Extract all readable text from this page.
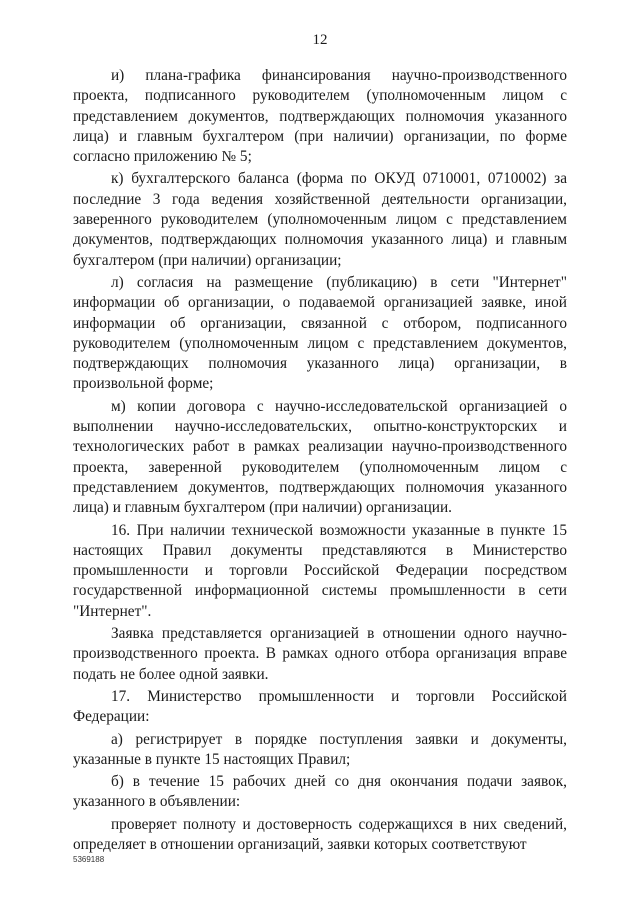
12

и) плана-графика финансирования научно-производственного проекта, подписанного руководителем (уполномоченным лицом с представлением документов, подтверждающих полномочия указанного лица) и главным бухгалтером (при наличии) организации, по форме согласно приложению № 5;

к) бухгалтерского баланса (форма по ОКУД 0710001, 0710002) за последние 3 года ведения хозяйственной деятельности организации, заверенного руководителем (уполномоченным лицом с представлением документов, подтверждающих полномочия указанного лица) и главным бухгалтером (при наличии) организации;

л) согласия на размещение (публикацию) в сети "Интернет" информации об организации, о подаваемой организацией заявке, иной информации об организации, связанной с отбором, подписанного руководителем (уполномоченным лицом с представлением документов, подтверждающих полномочия указанного лица) организации, в произвольной форме;

м) копии договора с научно-исследовательской организацией о выполнении научно-исследовательских, опытно-конструкторских и технологических работ в рамках реализации научно-производственного проекта, заверенной руководителем (уполномоченным лицом с представлением документов, подтверждающих полномочия указанного лица) и главным бухгалтером (при наличии) организации.

16. При наличии технической возможности указанные в пункте 15 настоящих Правил документы представляются в Министерство промышленности и торговли Российской Федерации посредством государственной информационной системы промышленности в сети "Интернет".

Заявка представляется организацией в отношении одного научно-производственного проекта. В рамках одного отбора организация вправе подать не более одной заявки.

17. Министерство промышленности и торговли Российской Федерации:

а) регистрирует в порядке поступления заявки и документы, указанные в пункте 15 настоящих Правил;

б) в течение 15 рабочих дней со дня окончания подачи заявок, указанного в объявлении:

проверяет полноту и достоверность содержащихся в них сведений, определяет в отношении организаций, заявки которых соответствуют

5369188
